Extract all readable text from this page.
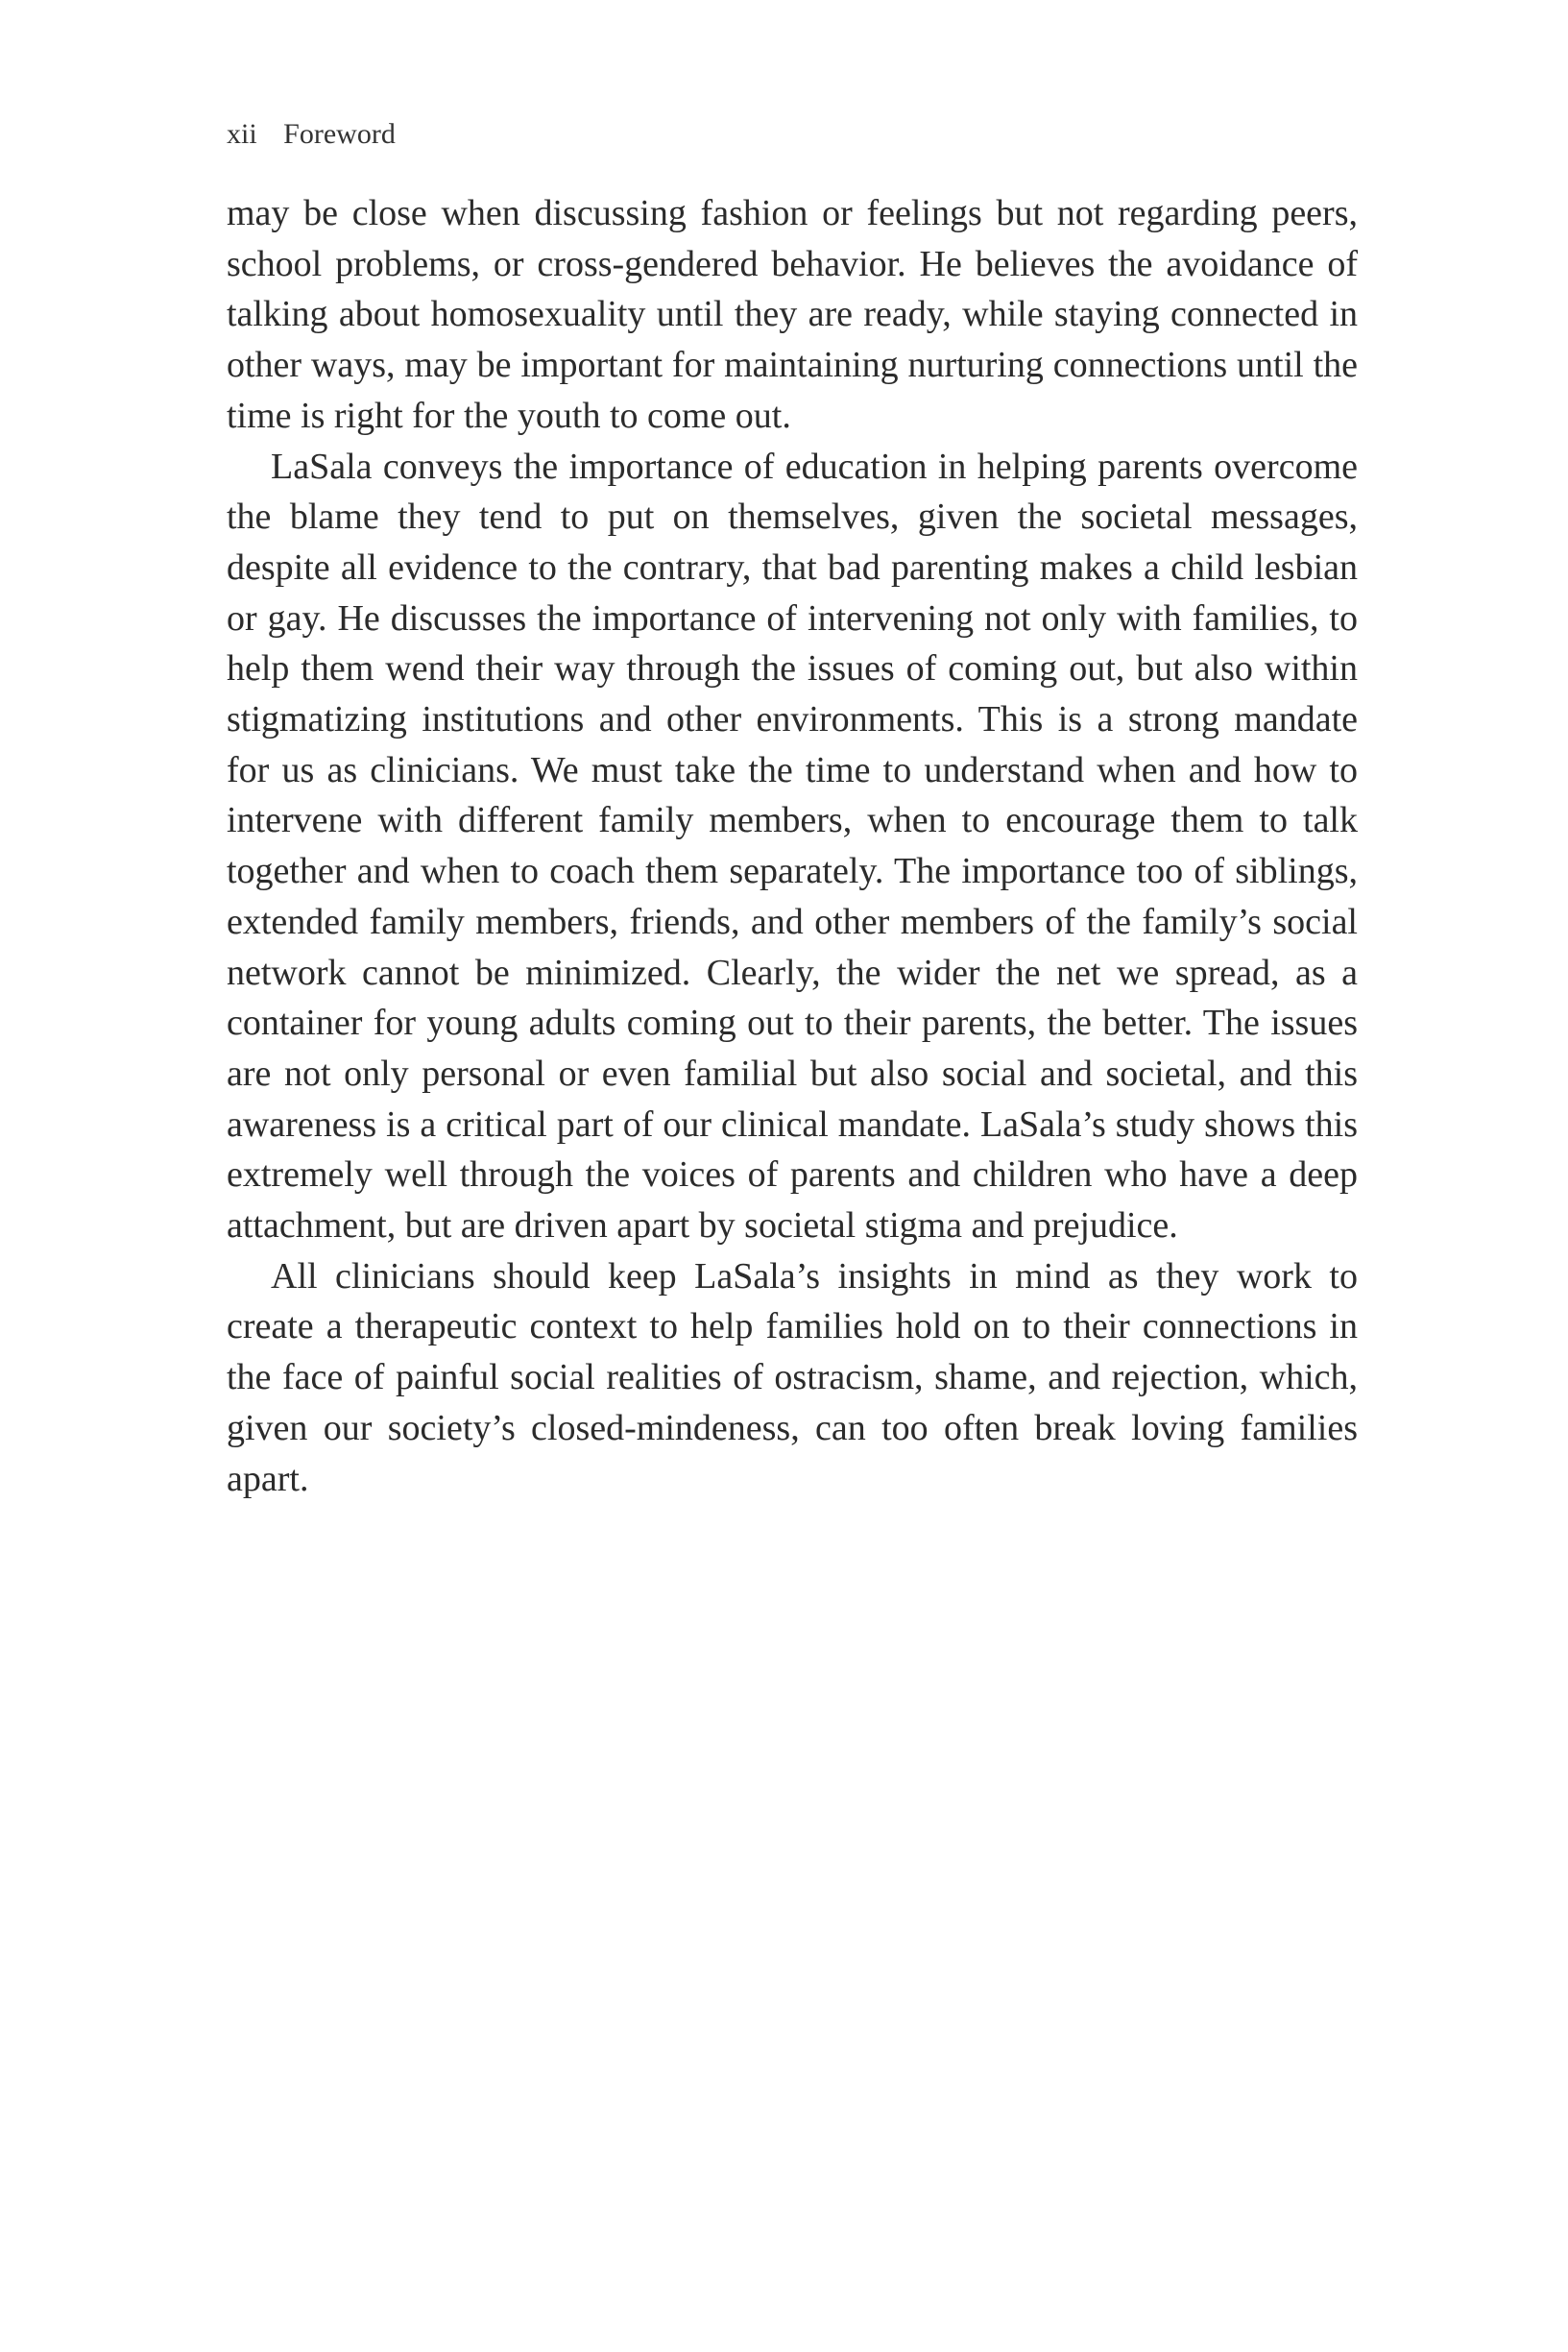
xii Foreword

may be close when discussing fashion or feelings but not regarding peers, school problems, or cross-gendered behavior. He believes the avoidance of talking about homosexuality until they are ready, while staying connected in other ways, may be important for maintaining nurturing connections until the time is right for the youth to come out.

LaSala conveys the importance of education in helping parents overcome the blame they tend to put on themselves, given the societal messages, despite all evidence to the contrary, that bad parenting makes a child lesbian or gay. He discusses the importance of intervening not only with families, to help them wend their way through the issues of coming out, but also within stigmatizing institutions and other environments. This is a strong mandate for us as clinicians. We must take the time to understand when and how to intervene with different family members, when to encourage them to talk together and when to coach them separately. The importance too of siblings, extended family members, friends, and other members of the family’s social network cannot be minimized. Clearly, the wider the net we spread, as a container for young adults coming out to their parents, the better. The issues are not only personal or even familial but also social and societal, and this awareness is a critical part of our clinical mandate. LaSala’s study shows this extremely well through the voices of parents and children who have a deep attachment, but are driven apart by societal stigma and prejudice.

All clinicians should keep LaSala’s insights in mind as they work to create a therapeutic context to help families hold on to their connections in the face of painful social realities of ostracism, shame, and rejection, which, given our society’s closed-mindeness, can too often break loving families apart.
